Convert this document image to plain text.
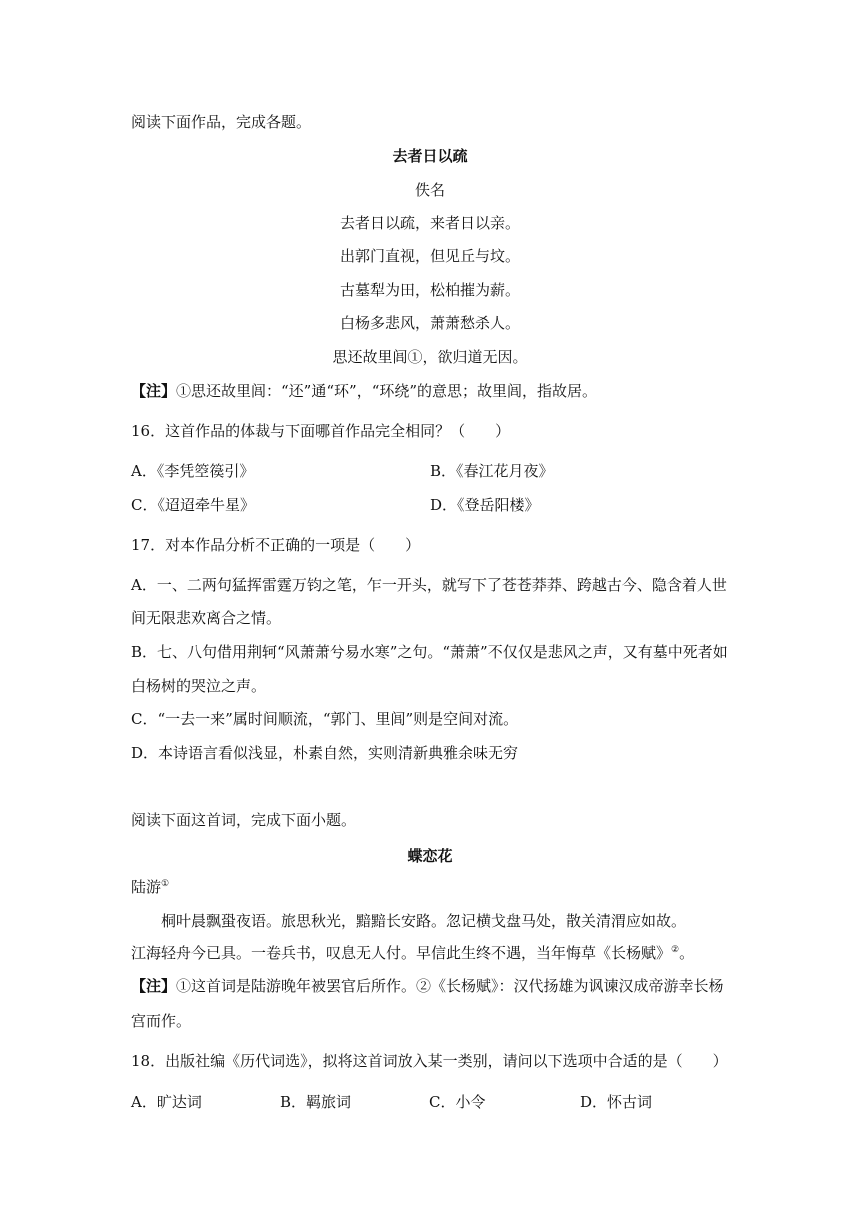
阅读下面作品，完成各题。
去者日以疏
佚名
去者日以疏，来者日以亲。
出郭门直视，但见丘与坟。
古墓犁为田，松柏摧为薪。
白杨多悲风，萧萧愁杀人。
思还故里闾①，欲归道无因。
【注】①思还故里闾：“还”通“环”，“环绕”的意思；故里闾，指故居。
16．这首作品的体裁与下面哪首作品完全相同？（　　）
A．《李凭箜篌引》	B．《春江花月夜》
C．《迢迢牵牛星》	D．《登岳阳楼》
17．对本作品分析不正确的一项是（　　）
A．一、二两句猛挥雷霆万钧之笔，乍一开头，就写下了苍苍莽莽、跨越古今、隐含着人世
间无限悲欢离合之情。
B．七、八句借用荆轲“风萧萧兮易水寒”之句。“萧萧”不仅仅是悲风之声，又有墓中死者如
白杨树的哭泣之声。
C．“一去一来”属时间顺流，“郭门、里闾”则是空间对流。
D．本诗语言看似浅显，朴素自然，实则清新典雅余味无穷
阅读下面这首词，完成下面小题。
蝶恋花
陆游①
桐叶晨飘蛩夜语。旅思秋光，黯黯长安路。忽记横戈盘马处，散关清渭应如故。
江海轻舟今已具。一卷兵书，叹息无人付。早信此生终不遇，当年悔草《长杨赋》②。
【注】①这首词是陆游晚年被罢官后所作。②《长杨赋》：汉代扬雄为讽谏汉成帝游幸长杨
宫而作。
18．出版社编《历代词选》，拟将这首词放入某一类别，请问以下选项中合适的是（　　）
A．旷达词	B．羁旅词	C．小令	D．怀古词
